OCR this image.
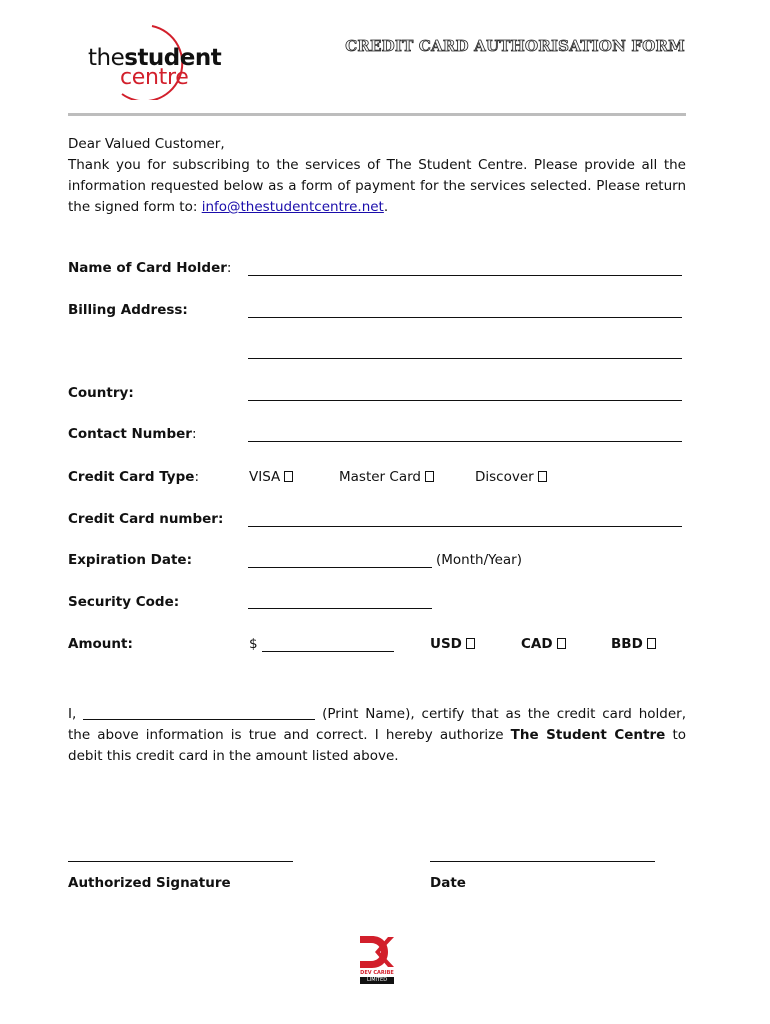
thestudent
centre
CREDIT CARD AUTHORISATION FORM
Dear Valued Customer,
Thank you for subscribing to the services of The Student Centre. Please provide all the information requested below as a form of payment for the services selected. Please return the signed form to: info@thestudentcentre.net.
Name of Card Holder:
Billing Address:
Country:
Contact Number:
Credit Card Type:	VISA	Master Card	Discover
Credit Card number:
Expiration Date:	(Month/Year)
Security Code:
Amount:	$	USD	CAD	BBD
I,	(Print Name), certify that as the credit card holder, the above information is true and correct. I hereby authorize The Student Centre to debit this credit card in the amount listed above.
Authorized Signature	Date
DEV CARIBE
LIMITED
